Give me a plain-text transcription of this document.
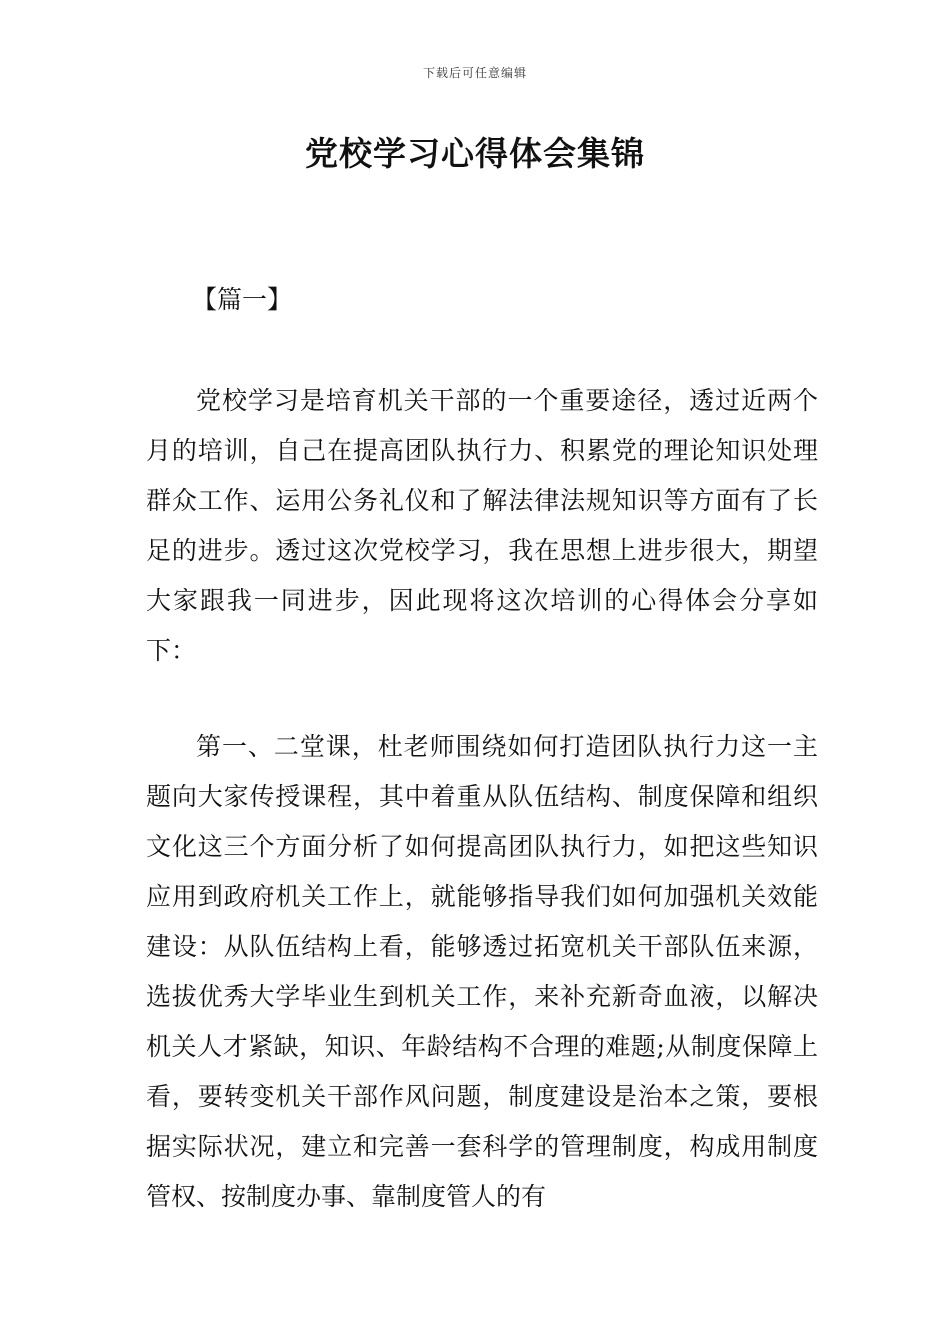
下载后可任意编辑
党校学习心得体会集锦
【篇一】

党校学习是培育机关干部的一个重要途径，透过近两个月的培训，自己在提高团队执行力、积累党的理论知识处理群众工作、运用公务礼仪和了解法律法规知识等方面有了长足的进步。透过这次党校学习，我在思想上进步很大，期望大家跟我一同进步，因此现将这次培训的心得体会分享如下：

第一、二堂课，杜老师围绕如何打造团队执行力这一主题向大家传授课程，其中着重从队伍结构、制度保障和组织文化这三个方面分析了如何提高团队执行力，如把这些知识应用到政府机关工作上，就能够指导我们如何加强机关效能建设：从队伍结构上看，能够透过拓宽机关干部队伍来源，选拔优秀大学毕业生到机关工作，来补充新奇血液，以解决机关人才紧缺，知识、年龄结构不合理的难题;从制度保障上看，要转变机关干部作风问题，制度建设是治本之策，要根据实际状况，建立和完善一套科学的管理制度，构成用制度管权、按制度办事、靠制度管人的有
